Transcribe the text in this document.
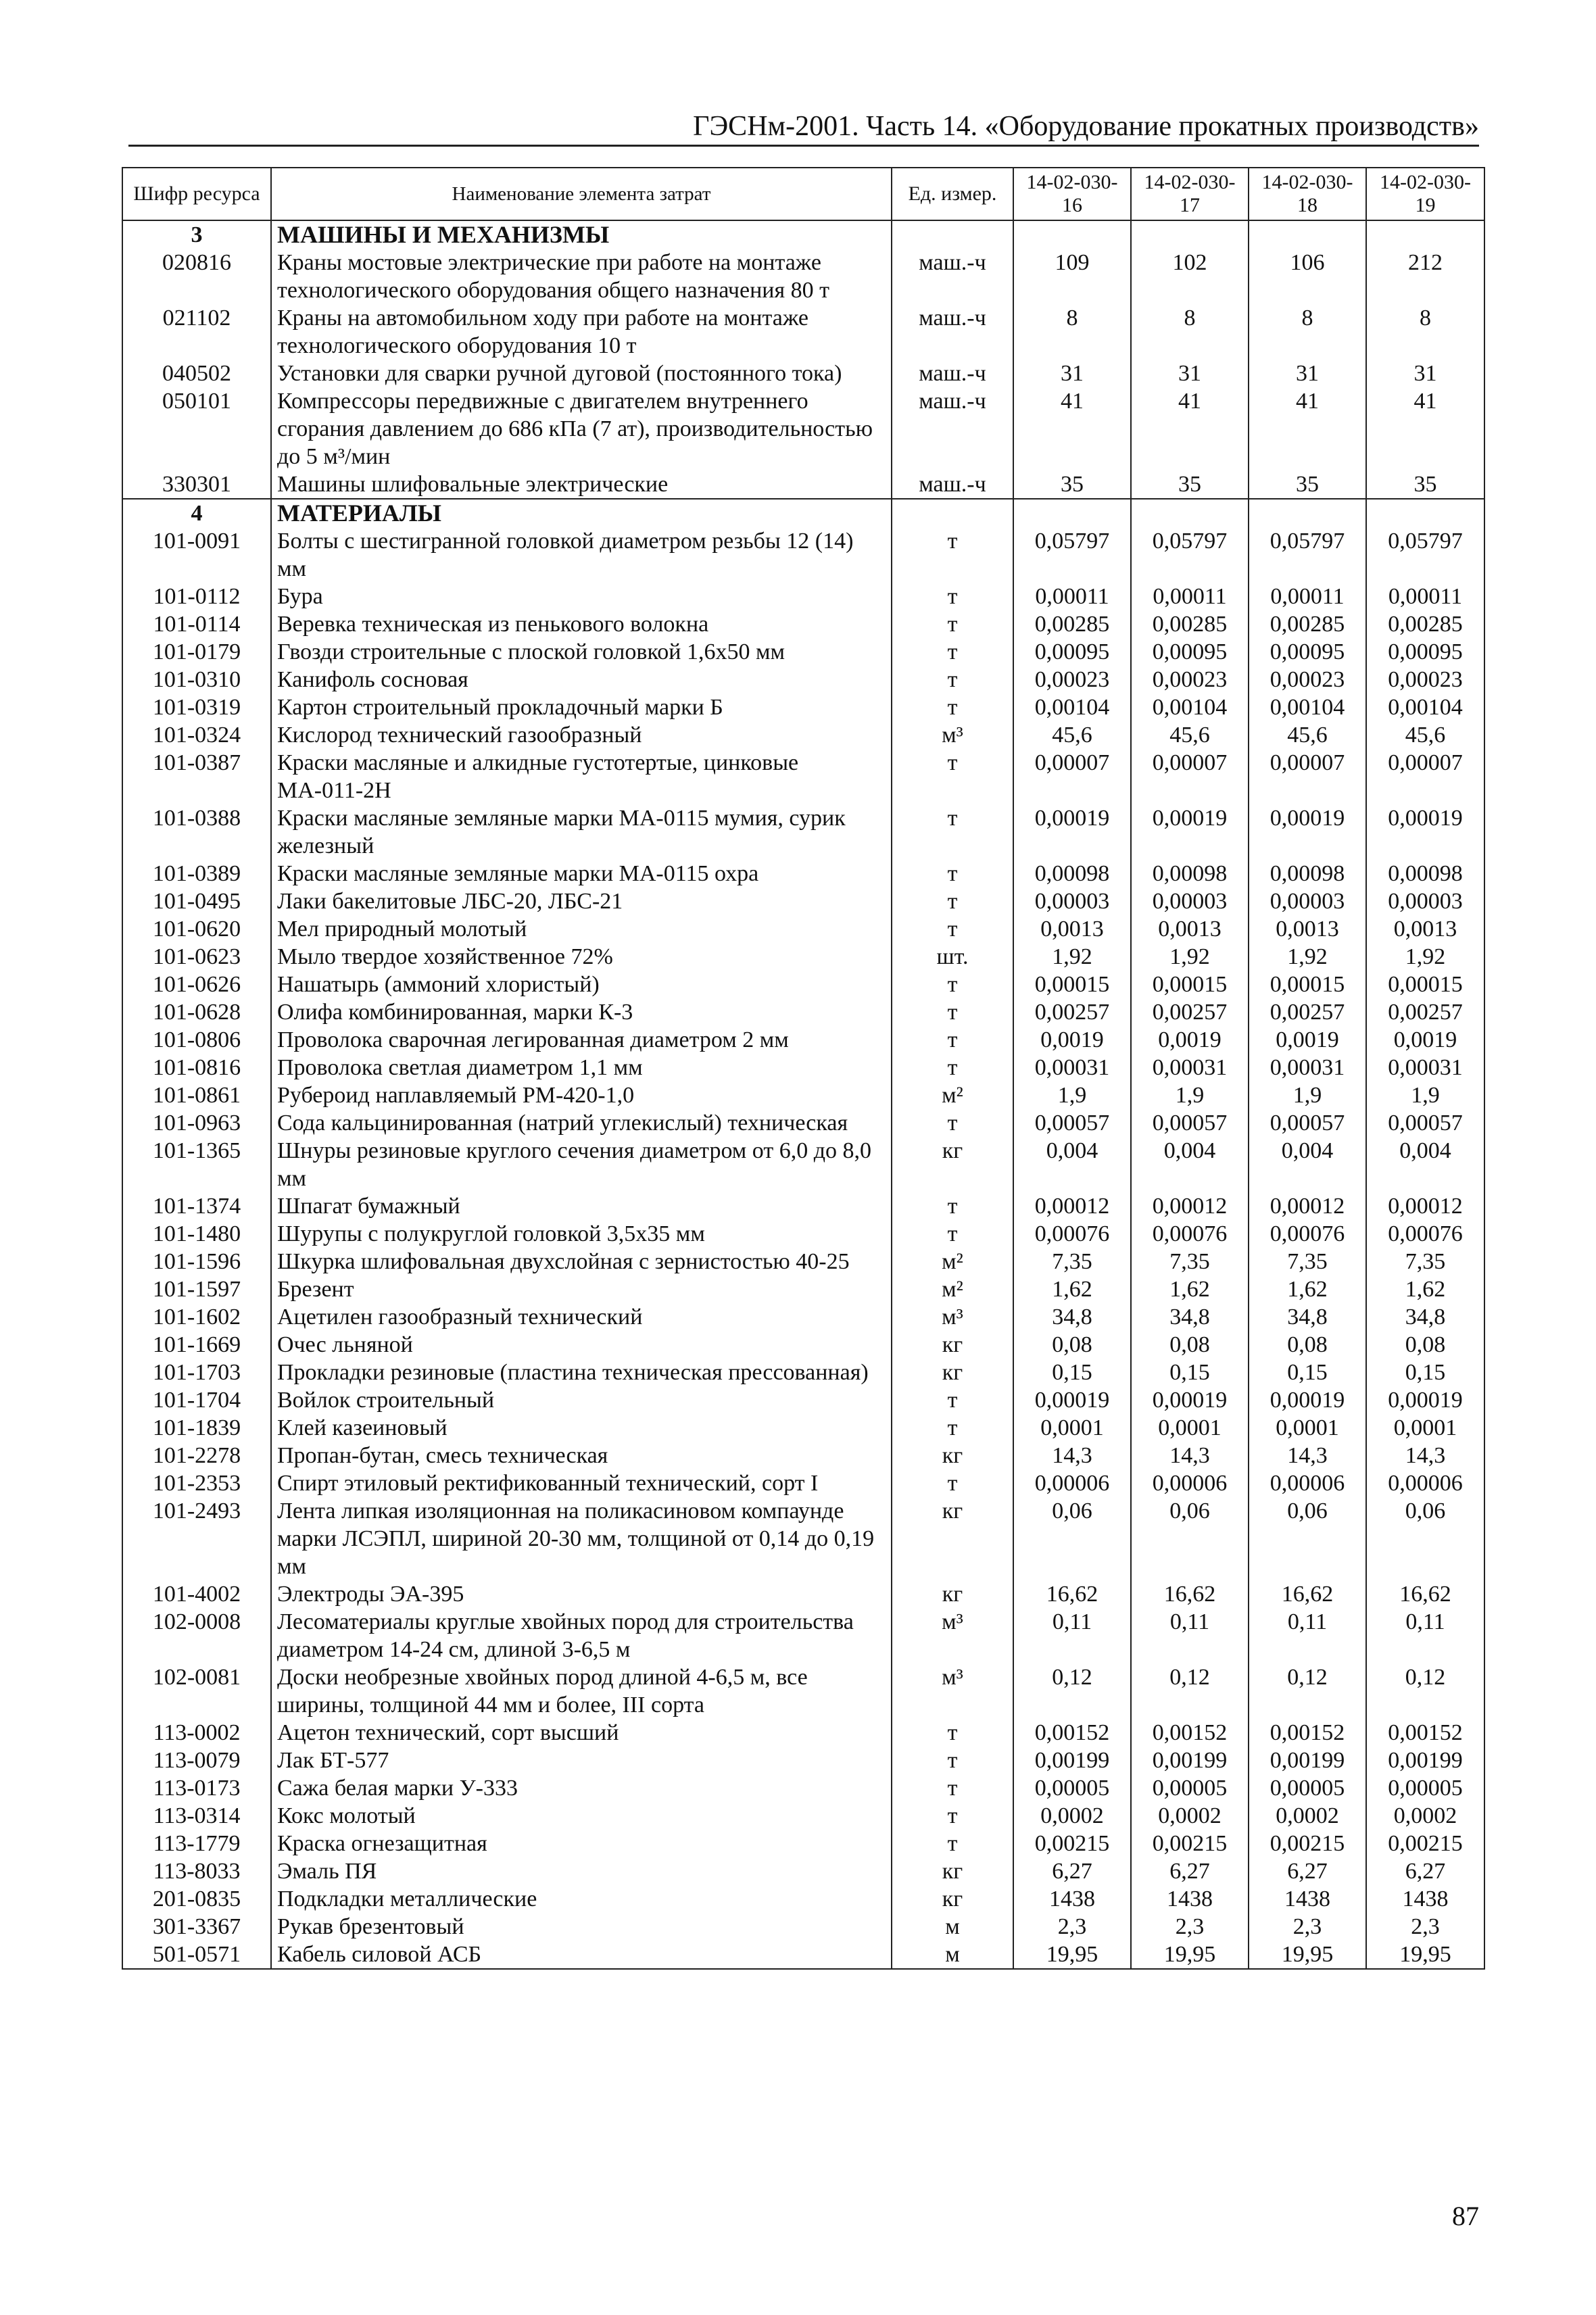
ГЭСНм-2001. Часть 14. «Оборудование прокатных производств»
Шифр ресурса	Наименование элемента затрат	Ед. измер.	14-02-030-16	14-02-030-17	14-02-030-18	14-02-030-19
3	МАШИНЫ И МЕХАНИЗМЫ					
020816	Краны мостовые электрические при работе на монтаже технологического оборудования общего назначения 80 т	маш.-ч	109	102	106	212
021102	Краны на автомобильном ходу при работе на монтаже технологического оборудования 10 т	маш.-ч	8	8	8	8
040502	Установки для сварки ручной дуговой (постоянного тока)	маш.-ч	31	31	31	31
050101	Компрессоры передвижные с двигателем внутреннего сгорания давлением до 686 кПа (7 ат), производительностью до 5 м³/мин	маш.-ч	41	41	41	41
330301	Машины шлифовальные электрические	маш.-ч	35	35	35	35
4	МАТЕРИАЛЫ					
101-0091	Болты с шестигранной головкой диаметром резьбы 12 (14) мм	т	0,05797	0,05797	0,05797	0,05797
101-0112	Бура	т	0,00011	0,00011	0,00011	0,00011
101-0114	Веревка техническая из пенькового волокна	т	0,00285	0,00285	0,00285	0,00285
101-0179	Гвозди строительные с плоской головкой 1,6х50 мм	т	0,00095	0,00095	0,00095	0,00095
101-0310	Канифоль сосновая	т	0,00023	0,00023	0,00023	0,00023
101-0319	Картон строительный прокладочный марки Б	т	0,00104	0,00104	0,00104	0,00104
101-0324	Кислород технический газообразный	м³	45,6	45,6	45,6	45,6
101-0387	Краски масляные и алкидные густотертые, цинковые МА-011-2Н	т	0,00007	0,00007	0,00007	0,00007
101-0388	Краски масляные земляные марки МА-0115 мумия, сурик железный	т	0,00019	0,00019	0,00019	0,00019
101-0389	Краски масляные земляные марки МА-0115 охра	т	0,00098	0,00098	0,00098	0,00098
101-0495	Лаки бакелитовые ЛБС-20, ЛБС-21	т	0,00003	0,00003	0,00003	0,00003
101-0620	Мел природный молотый	т	0,0013	0,0013	0,0013	0,0013
101-0623	Мыло твердое хозяйственное 72%	шт.	1,92	1,92	1,92	1,92
101-0626	Нашатырь (аммоний хлористый)	т	0,00015	0,00015	0,00015	0,00015
101-0628	Олифа комбинированная, марки К-3	т	0,00257	0,00257	0,00257	0,00257
101-0806	Проволока сварочная легированная диаметром 2 мм	т	0,0019	0,0019	0,0019	0,0019
101-0816	Проволока светлая диаметром 1,1 мм	т	0,00031	0,00031	0,00031	0,00031
101-0861	Рубероид наплавляемый РМ-420-1,0	м²	1,9	1,9	1,9	1,9
101-0963	Сода кальцинированная (натрий углекислый) техническая	т	0,00057	0,00057	0,00057	0,00057
101-1365	Шнуры резиновые круглого сечения диаметром от 6,0 до 8,0 мм	кг	0,004	0,004	0,004	0,004
101-1374	Шпагат бумажный	т	0,00012	0,00012	0,00012	0,00012
101-1480	Шурупы с полукруглой головкой 3,5х35 мм	т	0,00076	0,00076	0,00076	0,00076
101-1596	Шкурка шлифовальная двухслойная с зернистостью 40-25	м²	7,35	7,35	7,35	7,35
101-1597	Брезент	м²	1,62	1,62	1,62	1,62
101-1602	Ацетилен газообразный технический	м³	34,8	34,8	34,8	34,8
101-1669	Очес льняной	кг	0,08	0,08	0,08	0,08
101-1703	Прокладки резиновые (пластина техническая прессованная)	кг	0,15	0,15	0,15	0,15
101-1704	Войлок строительный	т	0,00019	0,00019	0,00019	0,00019
101-1839	Клей казеиновый	т	0,0001	0,0001	0,0001	0,0001
101-2278	Пропан-бутан, смесь техническая	кг	14,3	14,3	14,3	14,3
101-2353	Спирт этиловый ректификованный технический, сорт I	т	0,00006	0,00006	0,00006	0,00006
101-2493	Лента липкая изоляционная на поликасиновом компаунде марки ЛСЭПЛ, шириной 20-30 мм, толщиной от 0,14 до 0,19 мм	кг	0,06	0,06	0,06	0,06
101-4002	Электроды ЭА-395	кг	16,62	16,62	16,62	16,62
102-0008	Лесоматериалы круглые хвойных пород для строительства диаметром 14-24 см, длиной 3-6,5 м	м³	0,11	0,11	0,11	0,11
102-0081	Доски необрезные хвойных пород длиной 4-6,5 м, все ширины, толщиной 44 мм и более, III сорта	м³	0,12	0,12	0,12	0,12
113-0002	Ацетон технический, сорт высший	т	0,00152	0,00152	0,00152	0,00152
113-0079	Лак БТ-577	т	0,00199	0,00199	0,00199	0,00199
113-0173	Сажа белая марки У-333	т	0,00005	0,00005	0,00005	0,00005
113-0314	Кокс молотый	т	0,0002	0,0002	0,0002	0,0002
113-1779	Краска огнезащитная	т	0,00215	0,00215	0,00215	0,00215
113-8033	Эмаль ПЯ	кг	6,27	6,27	6,27	6,27
201-0835	Подкладки металлические	кг	1438	1438	1438	1438
301-3367	Рукав брезентовый	м	2,3	2,3	2,3	2,3
501-0571	Кабель силовой АСБ	м	19,95	19,95	19,95	19,95
87
